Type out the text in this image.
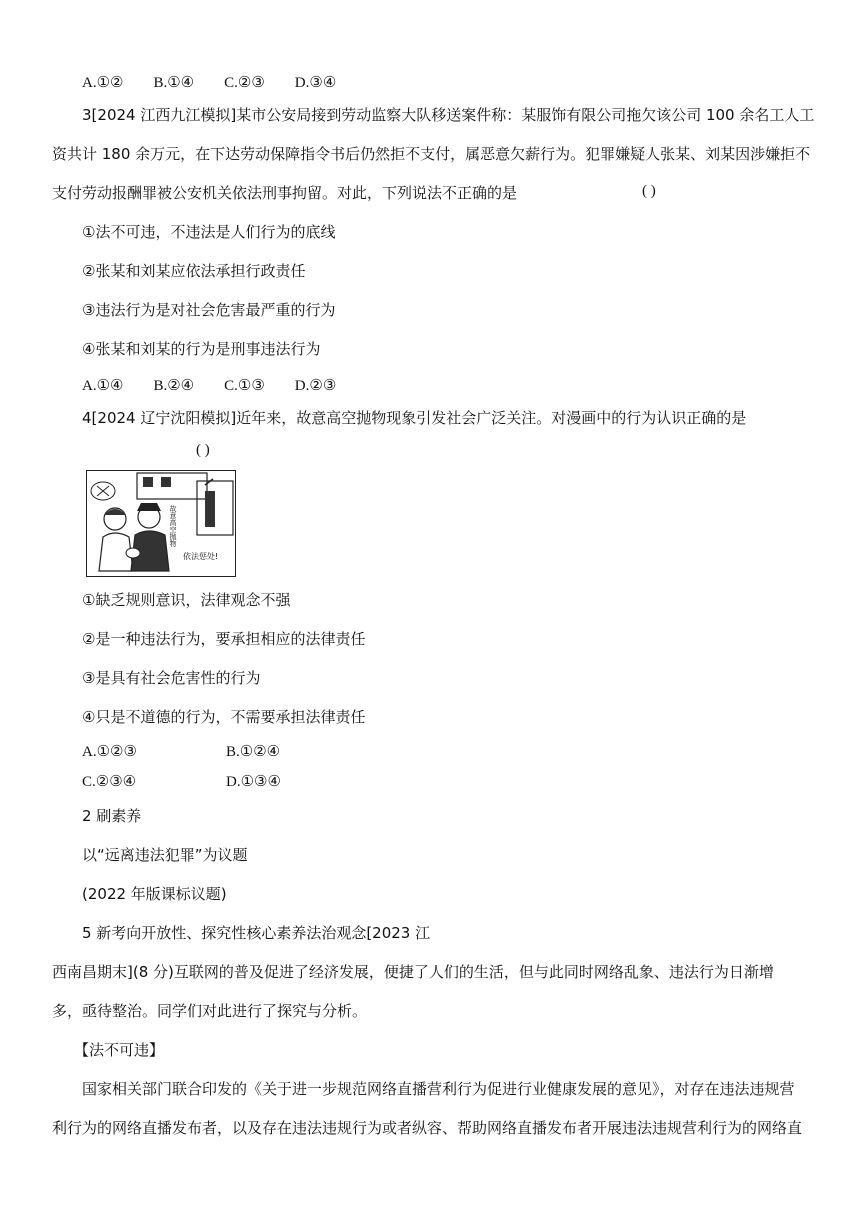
A.①② B.①④ C.②③ D.③④
3[2024 江西九江模拟]某市公安局接到劳动监察大队移送案件称：某服饰有限公司拖欠该公司 100 余名工人工
资共计 180 余万元，在下达劳动保障指令书后仍然拒不支付，属恶意欠薪行为。犯罪嫌疑人张某、刘某因涉嫌拒不
支付劳动报酬罪被公安机关依法刑事拘留。对此，下列说法不正确的是	( )
①法不可违，不违法是人们行为的底线
②张某和刘某应依法承担行政责任
③违法行为是对社会危害最严重的行为
④张某和刘某的行为是刑事违法行为
A.①④ B.②④ C.①③ D.②③
4[2024 辽宁沈阳模拟]近年来，故意高空抛物现象引发社会广泛关注。对漫画中的行为认识正确的是
( )
故意高空抛物
依法惩处!
①缺乏规则意识，法律观念不强
②是一种违法行为，要承担相应的法律责任
③是具有社会危害性的行为
④只是不道德的行为，不需要承担法律责任
A.①②③	B.①②④
C.②③④	D.①③④
2 刷素养
以“远离违法犯罪”为议题
(2022 年版课标议题)
5 新考向开放性、探究性核心素养法治观念[2023 江
西南昌期末](8 分)互联网的普及促进了经济发展，便捷了人们的生活，但与此同时网络乱象、违法行为日渐增
多，亟待整治。同学们对此进行了探究与分析。
【法不可违】
国家相关部门联合印发的《关于进一步规范网络直播营利行为促进行业健康发展的意见》，对存在违法违规营
利行为的网络直播发布者，以及存在违法违规行为或者纵容、帮助网络直播发布者开展违法违规营利行为的网络直
